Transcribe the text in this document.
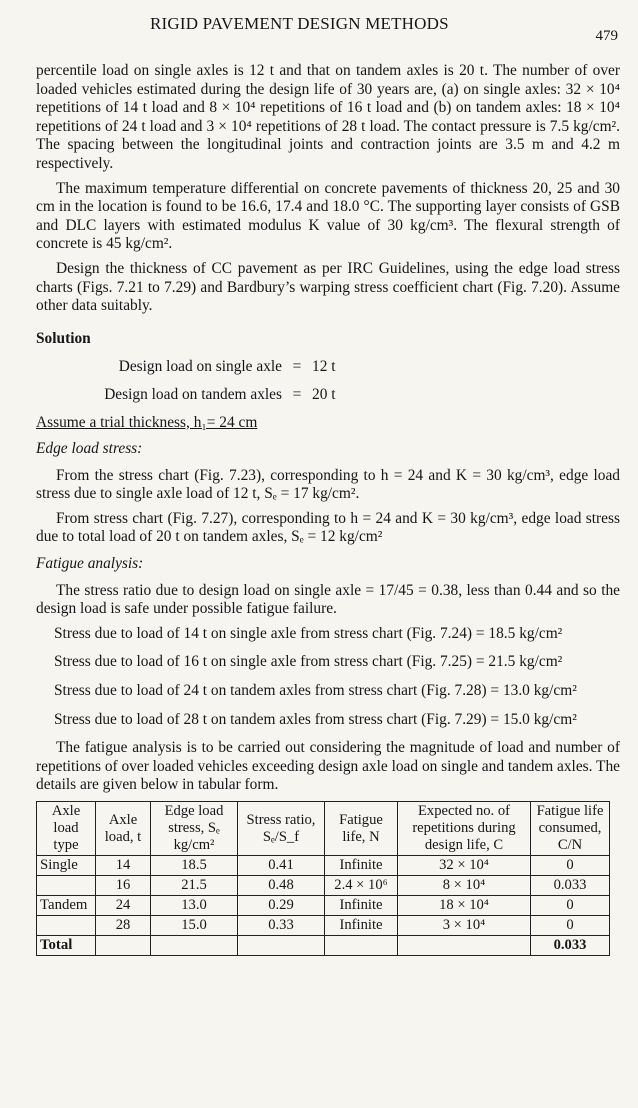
RIGID PAVEMENT DESIGN METHODS
479

percentile load on single axles is 12 t and that on tandem axles is 20 t. The number of over loaded vehicles estimated during the design life of 30 years are, (a) on single axles: 32 × 10⁴ repetitions of 14 t load and 8 × 10⁴ repetitions of 16 t load and (b) on tandem axles: 18 × 10⁴ repetitions of 24 t load and 3 × 10⁴ repetitions of 28 t load. The contact pressure is 7.5 kg/cm². The spacing between the longitudinal joints and contraction joints are 3.5 m and 4.2 m respectively.

The maximum temperature differential on concrete pavements of thickness 20, 25 and 30 cm in the location is found to be 16.6, 17.4 and 18.0 °C. The supporting layer consists of GSB and DLC layers with estimated modulus K value of 30 kg/cm³. The flexural strength of concrete is 45 kg/cm².

Design the thickness of CC pavement as per IRC Guidelines, using the edge load stress charts (Figs. 7.21 to 7.29) and Bardbury’s warping stress coefficient chart (Fig. 7.20). Assume other data suitably.

Solution
Design load on single axle = 12 t
Design load on tandem axles = 20 t
Assume a trial thickness, h₁= 24 cm
Edge load stress:

From the stress chart (Fig. 7.23), corresponding to h = 24 and K = 30 kg/cm³, edge load stress due to single axle load of 12 t, Sₑ = 17 kg/cm².

From stress chart (Fig. 7.27), corresponding to h = 24 and K = 30 kg/cm³, edge load stress due to total load of 20 t on tandem axles, Sₑ = 12 kg/cm²

Fatigue analysis:

The stress ratio due to design load on single axle = 17/45 = 0.38, less than 0.44 and so the design load is safe under possible fatigue failure.

Stress due to load of 14 t on single axle from stress chart (Fig. 7.24) = 18.5 kg/cm²
Stress due to load of 16 t on single axle from stress chart (Fig. 7.25) = 21.5 kg/cm²
Stress due to load of 24 t on tandem axles from stress chart (Fig. 7.28) = 13.0 kg/cm²
Stress due to load of 28 t on tandem axles from stress chart (Fig. 7.29) = 15.0 kg/cm²

The fatigue analysis is to be carried out considering the magnitude of load and number of repetitions of over loaded vehicles exceeding design axle load on single and tandem axles. The details are given below in tabular form.

Axle load type	Axle load, t	Edge load stress, Sₑ kg/cm²	Stress ratio, Sₑ/S_f	Fatigue life, N	Expected no. of repetitions during design life, C	Fatigue life consumed, C/N
Single	14	18.5	0.41	Infinite	32 × 10⁴	0
	16	21.5	0.48	2.4 × 10⁶	8 × 10⁴	0.033
Tandem	24	13.0	0.29	Infinite	18 × 10⁴	0
	28	15.0	0.33	Infinite	3 × 10⁴	0
Total						0.033
